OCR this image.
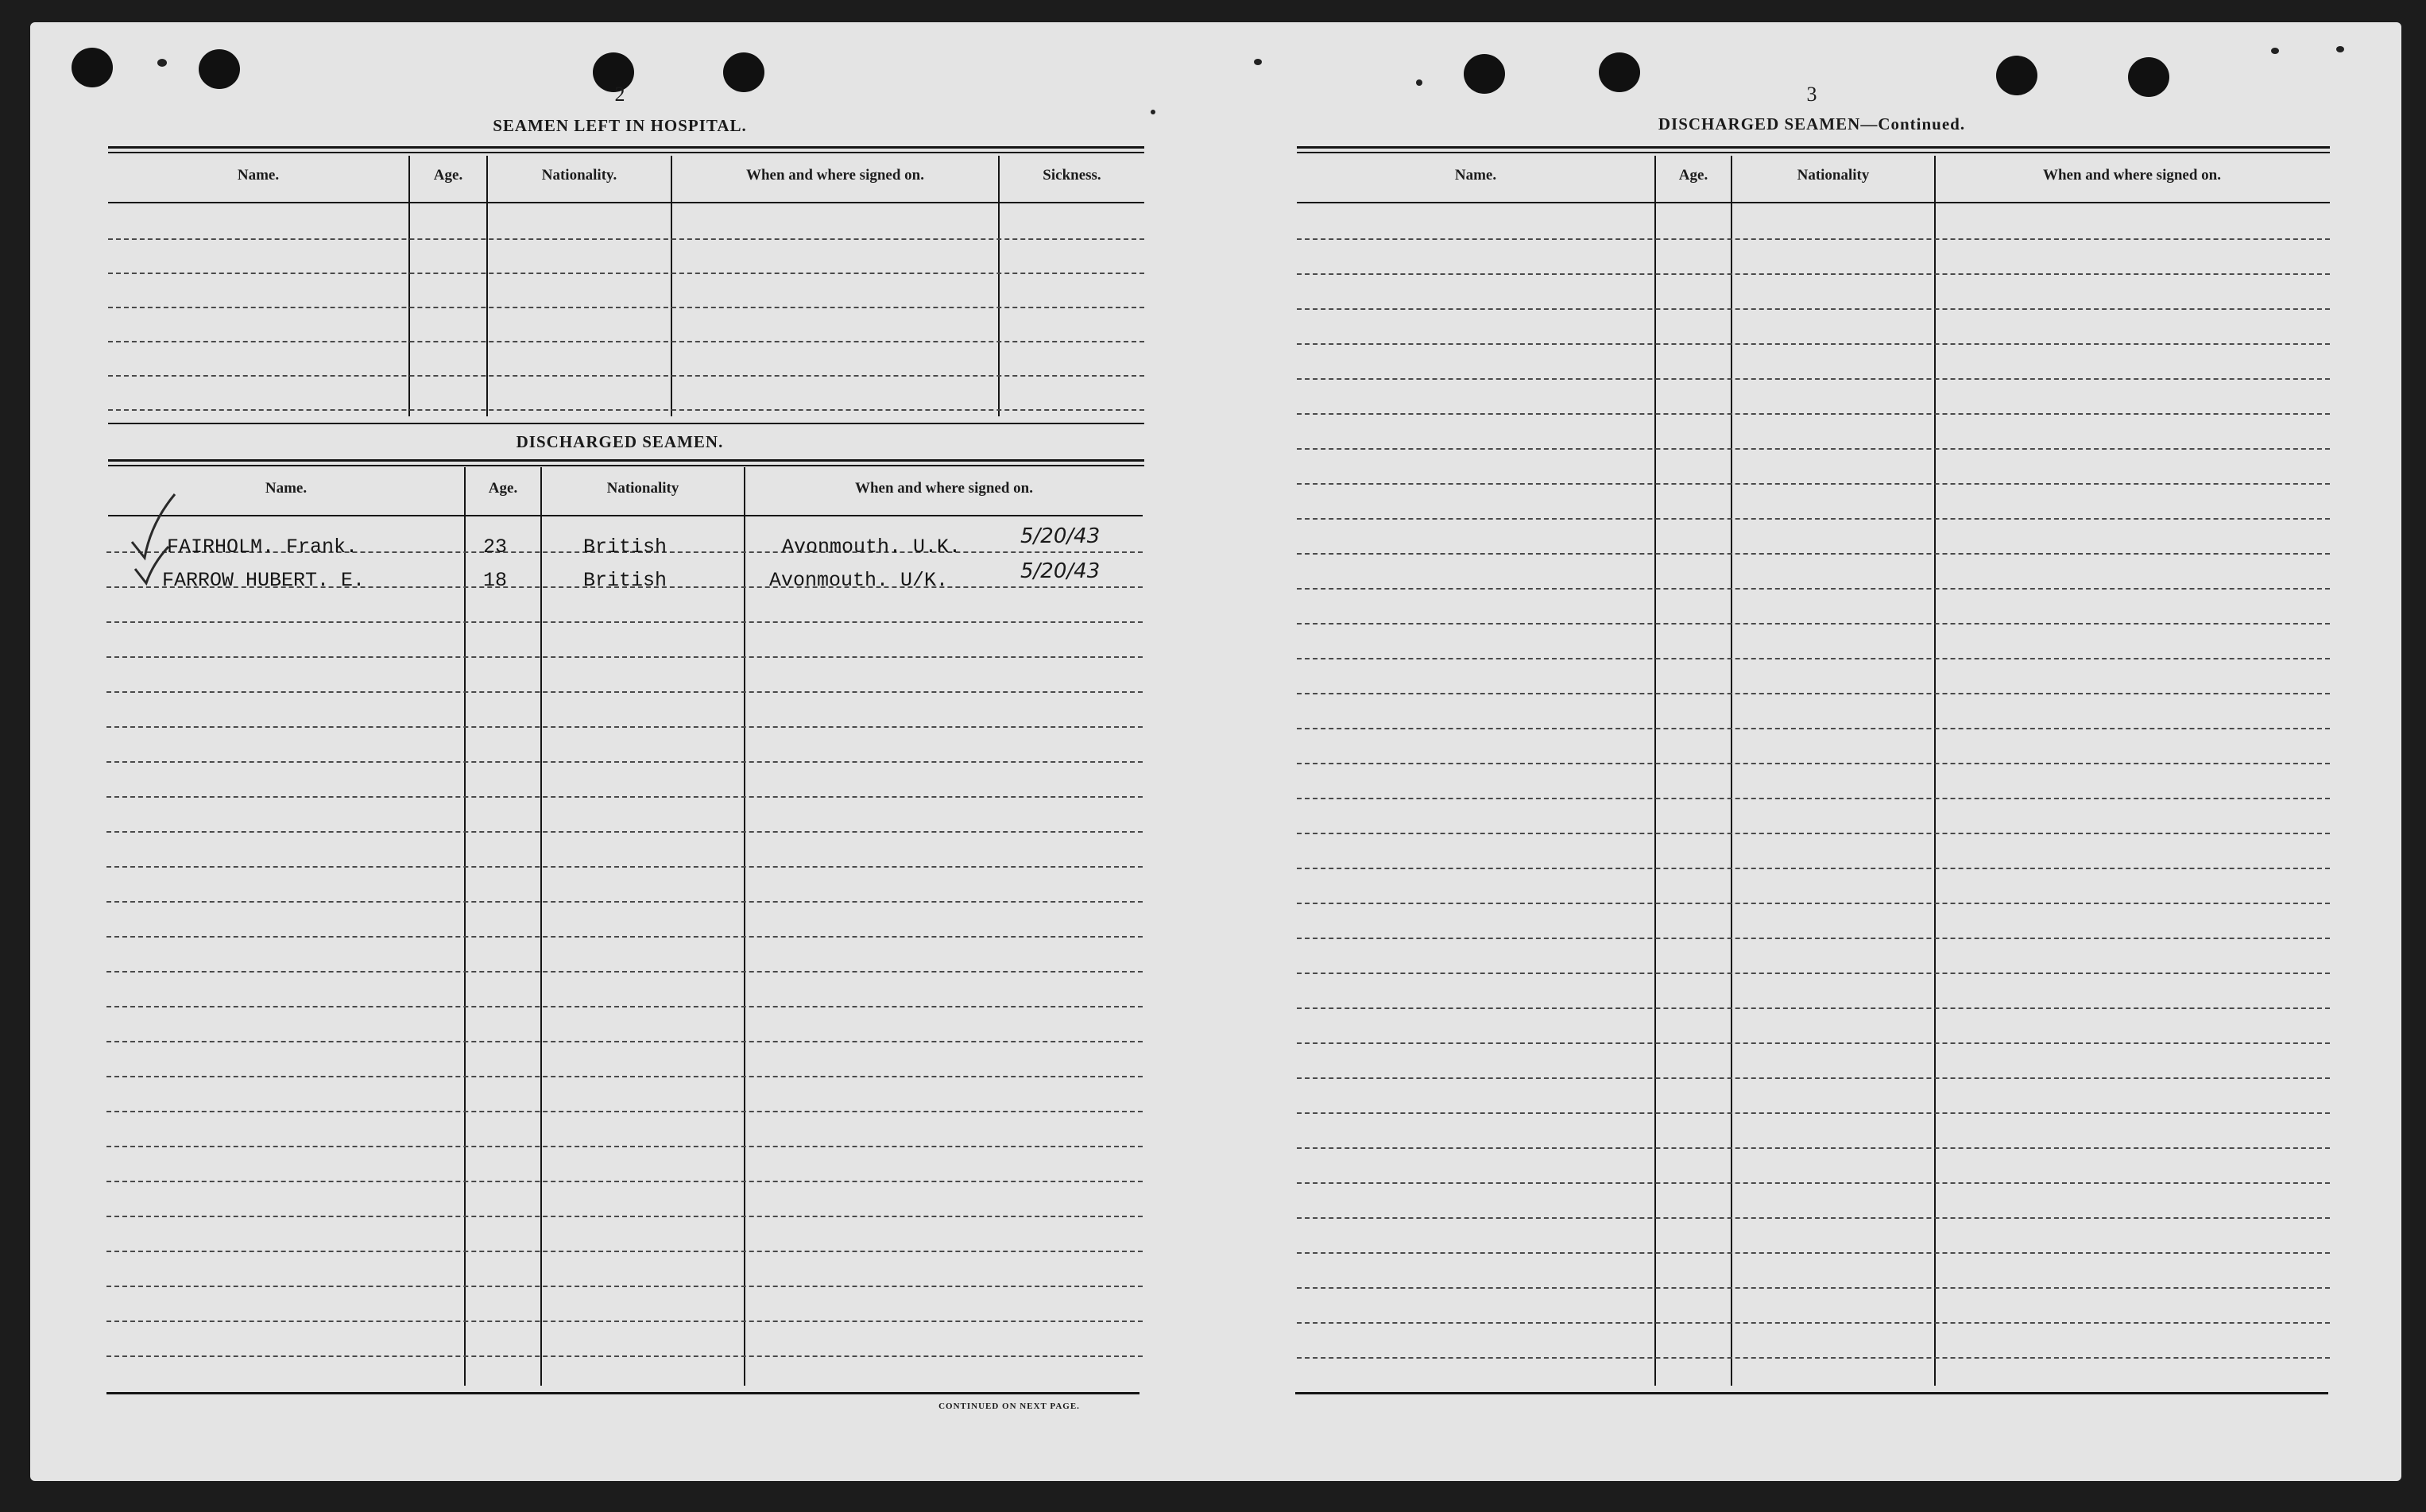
2
SEAMEN LEFT IN HOSPITAL.
Name.	Age.	Nationality.	When and where signed on.	Sickness.
DISCHARGED SEAMEN.
Name.	Age.	Nationality	When and where signed on.
CONTINUED ON NEXT PAGE.
FAIRHOLM. Frank.	23	British	Avonmouth. U.K.	5/20/43
FARROW HUBERT. E.	18	British	Avonmouth. U/K.	5/20/43
3
DISCHARGED SEAMEN—Continued.
Name.	Age.	Nationality	When and where signed on.
